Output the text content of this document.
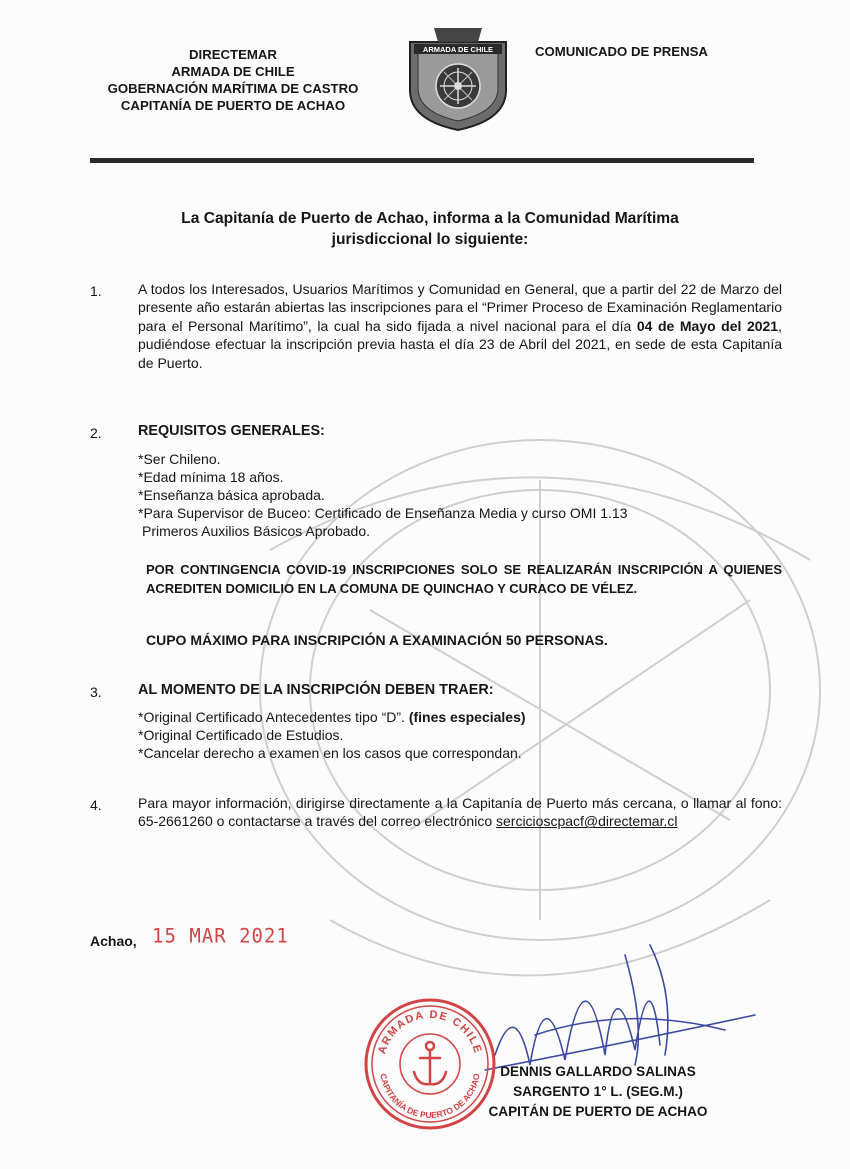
DIRECTEMAR
ARMADA DE CHILE
GOBERNACIÓN MARÍTIMA DE CASTRO
CAPITANÍA DE PUERTO DE ACHAO
ARMADA DE CHILE	COMUNICADO DE PRENSA
La Capitanía de Puerto de Achao, informa a la Comunidad Marítima
jurisdiccional lo siguiente:
1.	A todos los Interesados, Usuarios Marítimos y Comunidad en General, que a partir del 22 de Marzo del presente año estarán abiertas las inscripciones para el “Primer Proceso de Examinación Reglamentario para el Personal Marítimo”, la cual ha sido fijada a nivel nacional para el día 04 de Mayo del 2021, pudiéndose efectuar la inscripción previa hasta el día 23 de Abril del 2021, en sede de esta Capitanía de Puerto.
2.	REQUISITOS GENERALES:
*Ser Chileno.
*Edad mínima 18 años.
*Enseñanza básica aprobada.
*Para Supervisor de Buceo: Certificado de Enseñanza Media y curso OMI 1.13
Primeros Auxilios Básicos Aprobado.
POR CONTINGENCIA COVID-19 INSCRIPCIONES SOLO SE REALIZARÁN INSCRIPCIÓN A QUIENES ACREDITEN DOMICILIO EN LA COMUNA DE QUINCHAO Y CURACO DE VÉLEZ.
CUPO MÁXIMO PARA INSCRIPCIÓN A EXAMINACIÓN 50 PERSONAS.
3.	AL MOMENTO DE LA INSCRIPCIÓN DEBEN TRAER:
*Original Certificado Antecedentes tipo “D”. (fines especiales)
*Original Certificado de Estudios.
*Cancelar derecho a examen en los casos que correspondan.
4.	Para mayor información, dirigirse directamente a la Capitanía de Puerto más cercana, o llamar al fono: 65-2661260 o contactarse a través del correo electrónico sercicioscpacf@directemar.cl
Achao, 15 MAR 2021
ARMADA DE CHILE
CAPITANÍA DE PUERTO DE ACHAO	DENNIS GALLARDO SALINAS
SARGENTO 1° L. (SEG.M.)
CAPITÁN DE PUERTO DE ACHAO
